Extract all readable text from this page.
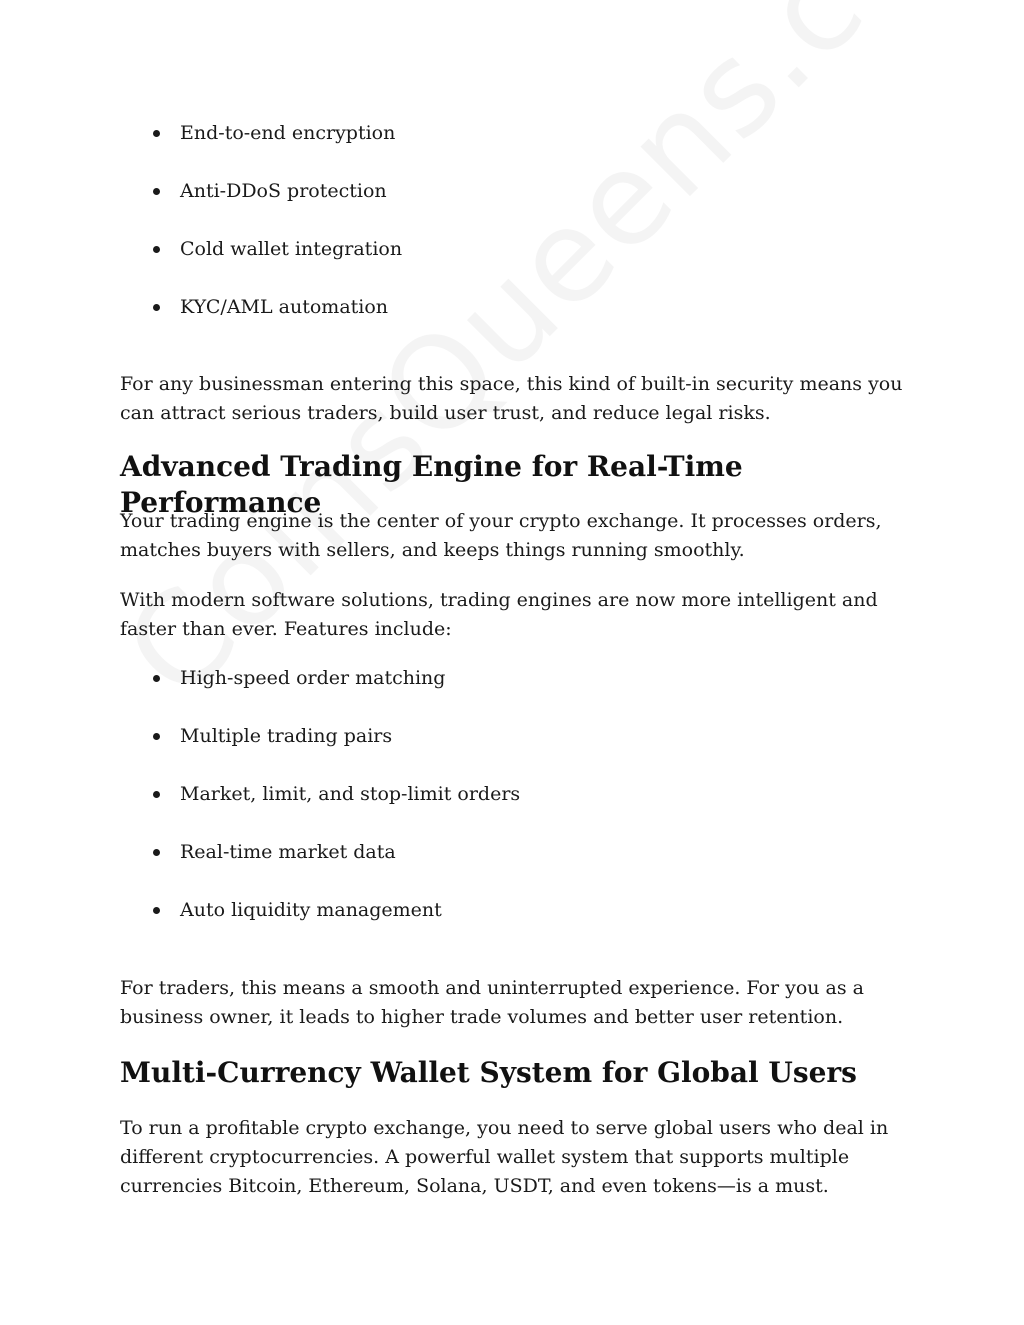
End-to-end encryption
Anti-DDoS protection
Cold wallet integration
KYC/AML automation

For any businessman entering this space, this kind of built-in security means you can attract serious traders, build user trust, and reduce legal risks.

Advanced Trading Engine for Real-Time Performance

Your trading engine is the center of your crypto exchange. It processes orders, matches buyers with sellers, and keeps things running smoothly.

With modern software solutions, trading engines are now more intelligent and faster than ever. Features include:

High-speed order matching
Multiple trading pairs
Market, limit, and stop-limit orders
Real-time market data
Auto liquidity management

For traders, this means a smooth and uninterrupted experience. For you as a business owner, it leads to higher trade volumes and better user retention.

Multi-Currency Wallet System for Global Users

To run a profitable crypto exchange, you need to serve global users who deal in different cryptocurrencies. A powerful wallet system that supports multiple currencies Bitcoin, Ethereum, Solana, USDT, and even tokens—is a must.
